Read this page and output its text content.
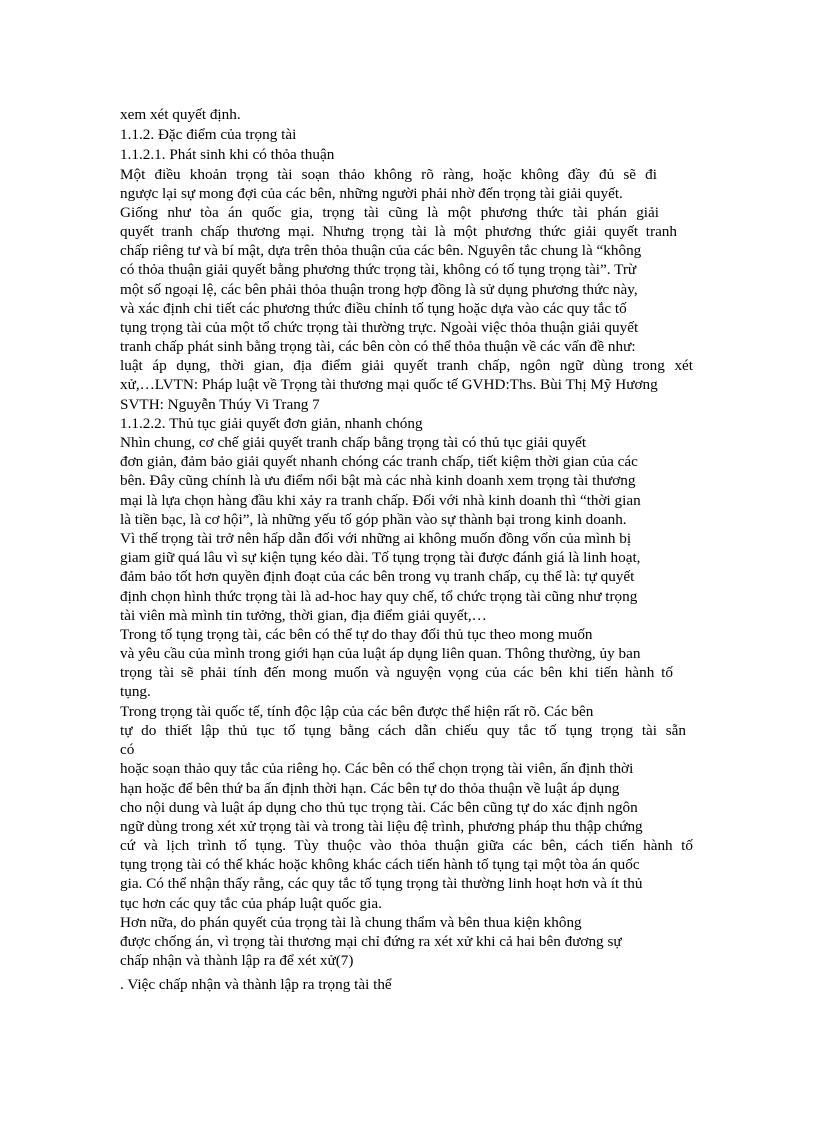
xem xét quyết định.
1.1.2. Đặc điểm của trọng tài
1.1.2.1. Phát sinh khi có thỏa thuận
Một điều khoản trọng tài soạn thảo không rõ ràng, hoặc không đầy đủ sẽ đi
ngược lại sự mong đợi của các bên, những người phải nhờ đến trọng tài giải quyết.
Giống như tòa án quốc gia, trọng tài cũng là một phương thức tài phán giải
quyết tranh chấp thương mại. Nhưng trọng tài là một phương thức giải quyết tranh
chấp riêng tư và bí mật, dựa trên thỏa thuận của các bên. Nguyên tắc chung là “không
có thỏa thuận giải quyết bằng phương thức trọng tài, không có tố tụng trọng tài”. Trừ
một số ngoại lệ, các bên phải thỏa thuận trong hợp đồng là sử dụng phương thức này,
và xác định chi tiết các phương thức điều chỉnh tố tụng hoặc dựa vào các quy tắc tố
tụng trọng tài của một tổ chức trọng tài thường trực. Ngoài việc thỏa thuận giải quyết
tranh chấp phát sinh bằng trọng tài, các bên còn có thể thỏa thuận về các vấn đề như:
luật áp dụng, thời gian, địa điểm giải quyết tranh chấp, ngôn ngữ dùng trong xét
xử,…LVTN: Pháp luật về Trọng tài thương mại quốc tế GVHD:Ths. Bùi Thị Mỹ Hương
SVTH: Nguyễn Thúy Vi Trang 7
1.1.2.2. Thủ tục giải quyết đơn giản, nhanh chóng
Nhìn chung, cơ chế giải quyết tranh chấp bằng trọng tài có thủ tục giải quyết
đơn giản, đảm bảo giải quyết nhanh chóng các tranh chấp, tiết kiệm thời gian của các
bên. Đây cũng chính là ưu điểm nổi bật mà các nhà kinh doanh xem trọng tài thương
mại là lựa chọn hàng đầu khi xảy ra tranh chấp. Đối với nhà kinh doanh thì “thời gian
là tiền bạc, là cơ hội”, là những yếu tố góp phần vào sự thành bại trong kinh doanh.
Vì thế trọng tài trở nên hấp dẫn đối với những ai không muốn đồng vốn của mình bị
giam giữ quá lâu vì sự kiện tụng kéo dài. Tố tụng trọng tài được đánh giá là linh hoạt,
đảm bảo tốt hơn quyền định đoạt của các bên trong vụ tranh chấp, cụ thể là: tự quyết
định chọn hình thức trọng tài là ad-hoc hay quy chế, tổ chức trọng tài cũng như trọng
tài viên mà mình tin tưởng, thời gian, địa điểm giải quyết,…
Trong tố tụng trọng tài, các bên có thể tự do thay đổi thủ tục theo mong muốn
và yêu cầu của mình trong giới hạn của luật áp dụng liên quan. Thông thường, ủy ban
trọng tài sẽ phải tính đến mong muốn và nguyện vọng của các bên khi tiến hành tố
tụng.
Trong trọng tài quốc tế, tính độc lập của các bên được thể hiện rất rõ. Các bên
tự do thiết lập thủ tục tố tụng bằng cách dẫn chiếu quy tắc tố tụng trọng tài sẵn
có
hoặc soạn thảo quy tắc của riêng họ. Các bên có thể chọn trọng tài viên, ấn định thời
hạn hoặc để bên thứ ba ấn định thời hạn. Các bên tự do thỏa thuận về luật áp dụng
cho nội dung và luật áp dụng cho thủ tục trọng tài. Các bên cũng tự do xác định ngôn
ngữ dùng trong xét xử trọng tài và trong tài liệu đệ trình, phương pháp thu thập chứng
cứ và lịch trình tố tụng. Tùy thuộc vào thỏa thuận giữa các bên, cách tiến hành tố
tụng trọng tài có thể khác hoặc không khác cách tiến hành tố tụng tại một tòa án quốc
gia. Có thể nhận thấy rằng, các quy tắc tố tụng trọng tài thường linh hoạt hơn và ít thủ
tục hơn các quy tắc của pháp luật quốc gia.
Hơn nữa, do phán quyết của trọng tài là chung thẩm và bên thua kiện không
được chống án, vì trọng tài thương mại chỉ đứng ra xét xử khi cả hai bên đương sự
chấp nhận và thành lập ra để xét xử(7)
. Việc chấp nhận và thành lập ra trọng tài thể
